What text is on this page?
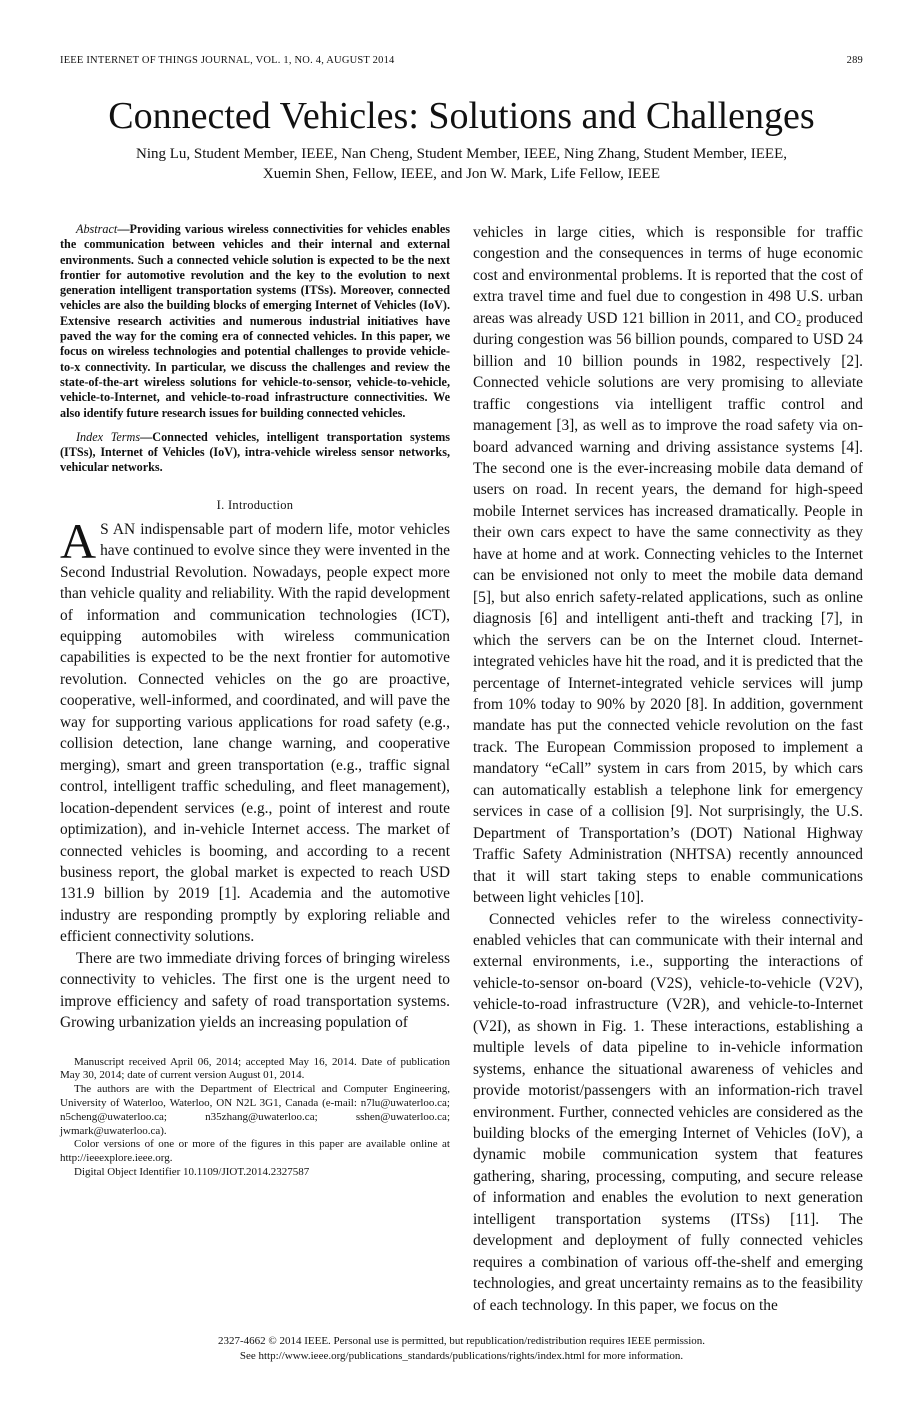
IEEE INTERNET OF THINGS JOURNAL, VOL. 1, NO. 4, AUGUST 2014	289
Connected Vehicles: Solutions and Challenges
Ning Lu, Student Member, IEEE, Nan Cheng, Student Member, IEEE, Ning Zhang, Student Member, IEEE,
Xuemin Shen, Fellow, IEEE, and Jon W. Mark, Life Fellow, IEEE

Abstract—Providing various wireless connectivities for vehicles enables the communication between vehicles and their internal and external environments. Such a connected vehicle solution is expected to be the next frontier for automotive revolution and the key to the evolution to next generation intelligent transportation systems (ITSs). Moreover, connected vehicles are also the building blocks of emerging Internet of Vehicles (IoV). Extensive research activities and numerous industrial initiatives have paved the way for the coming era of connected vehicles. In this paper, we focus on wireless technologies and potential challenges to provide vehicle-to-x connectivity. In particular, we discuss the challenges and review the state-of-the-art wireless solutions for vehicle-to-sensor, vehicle-to-vehicle, vehicle-to-Internet, and vehicle-to-road infrastructure connectivities. We also identify future research issues for building connected vehicles.

Index Terms—Connected vehicles, intelligent transportation systems (ITSs), Internet of Vehicles (IoV), intra-vehicle wireless sensor networks, vehicular networks.

I. Introduction

A S AN indispensable part of modern life, motor vehicles have continued to evolve since they were invented in the Second Industrial Revolution. Nowadays, people expect more than vehicle quality and reliability. With the rapid development of information and communication technologies (ICT), equipping automobiles with wireless communication capabilities is expected to be the next frontier for automotive revolution. Connected vehicles on the go are proactive, cooperative, well-informed, and coordinated, and will pave the way for supporting various applications for road safety (e.g., collision detection, lane change warning, and cooperative merging), smart and green transportation (e.g., traffic signal control, intelligent traffic scheduling, and fleet management), location-dependent services (e.g., point of interest and route optimization), and in-vehicle Internet access. The market of connected vehicles is booming, and according to a recent business report, the global market is expected to reach USD 131.9 billion by 2019 [1]. Academia and the automotive industry are responding promptly by exploring reliable and efficient connectivity solutions.

There are two immediate driving forces of bringing wireless connectivity to vehicles. The first one is the urgent need to improve efficiency and safety of road transportation systems. Growing urbanization yields an increasing population of

Manuscript received April 06, 2014; accepted May 16, 2014. Date of publication May 30, 2014; date of current version August 01, 2014.

The authors are with the Department of Electrical and Computer Engineering, University of Waterloo, Waterloo, ON N2L 3G1, Canada (e-mail: n7lu@uwaterloo.ca; n5cheng@uwaterloo.ca; n35zhang@uwaterloo.ca; sshen@uwaterloo.ca; jwmark@uwaterloo.ca).

Color versions of one or more of the figures in this paper are available online at http://ieeexplore.ieee.org.

Digital Object Identifier 10.1109/JIOT.2014.2327587

vehicles in large cities, which is responsible for traffic congestion and the consequences in terms of huge economic cost and environmental problems. It is reported that the cost of extra travel time and fuel due to congestion in 498 U.S. urban areas was already USD 121 billion in 2011, and CO₂ produced during congestion was 56 billion pounds, compared to USD 24 billion and 10 billion pounds in 1982, respectively [2]. Connected vehicle solutions are very promising to alleviate traffic congestions via intelligent traffic control and management [3], as well as to improve the road safety via on-board advanced warning and driving assistance systems [4]. The second one is the ever-increasing mobile data demand of users on road. In recent years, the demand for high-speed mobile Internet services has increased dramatically. People in their own cars expect to have the same connectivity as they have at home and at work. Connecting vehicles to the Internet can be envisioned not only to meet the mobile data demand [5], but also enrich safety-related applications, such as online diagnosis [6] and intelligent anti-theft and tracking [7], in which the servers can be on the Internet cloud. Internet-integrated vehicles have hit the road, and it is predicted that the percentage of Internet-integrated vehicle services will jump from 10% today to 90% by 2020 [8]. In addition, government mandate has put the connected vehicle revolution on the fast track. The European Commission proposed to implement a mandatory “eCall” system in cars from 2015, by which cars can automatically establish a telephone link for emergency services in case of a collision [9]. Not surprisingly, the U.S. Department of Transportation’s (DOT) National Highway Traffic Safety Administration (NHTSA) recently announced that it will start taking steps to enable communications between light vehicles [10].

Connected vehicles refer to the wireless connectivity-enabled vehicles that can communicate with their internal and external environments, i.e., supporting the interactions of vehicle-to-sensor on-board (V2S), vehicle-to-vehicle (V2V), vehicle-to-road infrastructure (V2R), and vehicle-to-Internet (V2I), as shown in Fig. 1. These interactions, establishing a multiple levels of data pipeline to in-vehicle information systems, enhance the situational awareness of vehicles and provide motorist/passengers with an information-rich travel environment. Further, connected vehicles are considered as the building blocks of the emerging Internet of Vehicles (IoV), a dynamic mobile communication system that features gathering, sharing, processing, computing, and secure release of information and enables the evolution to next generation intelligent transportation systems (ITSs) [11]. The development and deployment of fully connected vehicles requires a combination of various off-the-shelf and emerging technologies, and great uncertainty remains as to the feasibility of each technology. In this paper, we focus on the

2327-4662 © 2014 IEEE. Personal use is permitted, but republication/redistribution requires IEEE permission.
See http://www.ieee.org/publications_standards/publications/rights/index.html for more information.
